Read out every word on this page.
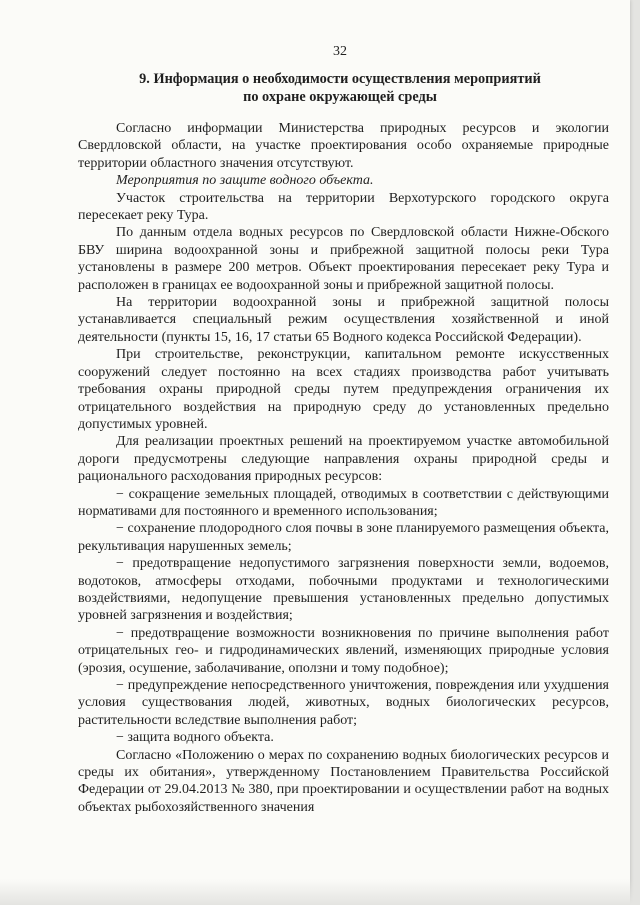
32
9. Информация о необходимости осуществления мероприятий
по охране окружающей среды

Согласно информации Министерства природных ресурсов и экологии Свердловской области, на участке проектирования особо охраняемые природные территории областного значения отсутствуют.

Мероприятия по защите водного объекта.

Участок строительства на территории Верхотурского городского округа пересекает реку Тура.

По данным отдела водных ресурсов по Свердловской области Нижне-Обского БВУ ширина водоохранной зоны и прибрежной защитной полосы реки Тура установлены в размере 200 метров. Объект проектирования пересекает реку Тура и расположен в границах ее водоохранной зоны и прибрежной защитной полосы.

На территории водоохранной зоны и прибрежной защитной полосы устанавливается специальный режим осуществления хозяйственной и иной деятельности (пункты 15, 16, 17 статьи 65 Водного кодекса Российской Федерации).

При строительстве, реконструкции, капитальном ремонте искусственных сооружений следует постоянно на всех стадиях производства работ учитывать требования охраны природной среды путем предупреждения ограничения их отрицательного воздействия на природную среду до установленных предельно допустимых уровней.

Для реализации проектных решений на проектируемом участке автомобильной дороги предусмотрены следующие направления охраны природной среды и рационального расходования природных ресурсов:

− сокращение земельных площадей, отводимых в соответствии с действующими нормативами для постоянного и временного использования;

− сохранение плодородного слоя почвы в зоне планируемого размещения объекта, рекультивация нарушенных земель;

− предотвращение недопустимого загрязнения поверхности земли, водоемов, водотоков, атмосферы отходами, побочными продуктами и технологическими воздействиями, недопущение превышения установленных предельно допустимых уровней загрязнения и воздействия;

− предотвращение возможности возникновения по причине выполнения работ отрицательных гео- и гидродинамических явлений, изменяющих природные условия (эрозия, осушение, заболачивание, оползни и тому подобное);

− предупреждение непосредственного уничтожения, повреждения или ухудшения условия существования людей, животных, водных биологических ресурсов, растительности вследствие выполнения работ;

− защита водного объекта.

Согласно «Положению о мерах по сохранению водных биологических ресурсов и среды их обитания», утвержденному Постановлением Правительства Российской Федерации от 29.04.2013 № 380, при проектировании и осуществлении работ на водных объектах рыбохозяйственного значения
